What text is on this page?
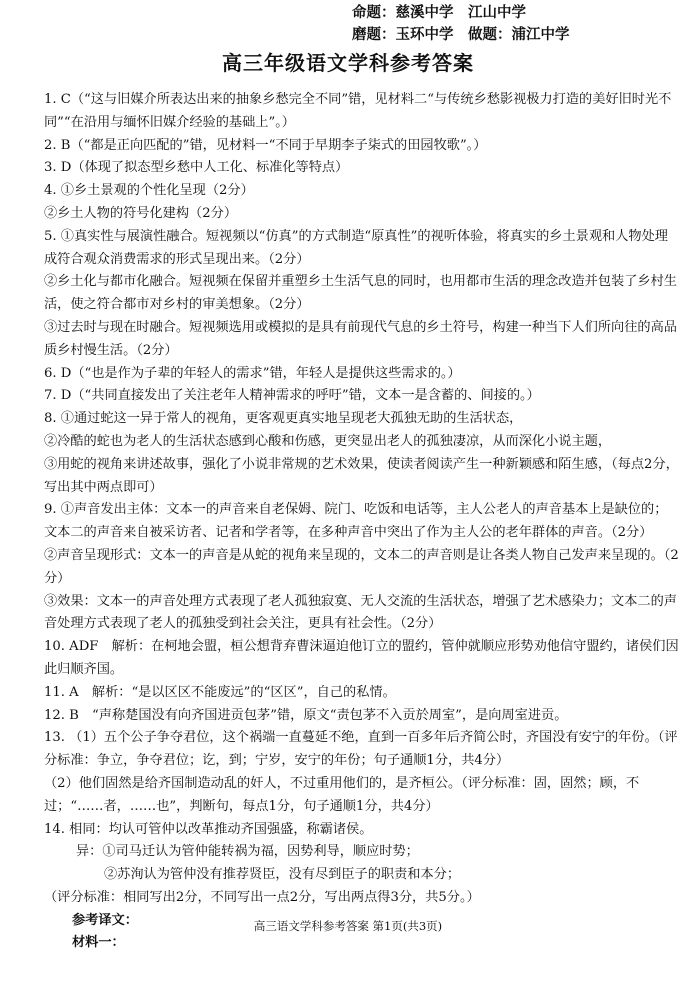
命题：慈溪中学　江山中学
磨题：玉环中学　做题：浦江中学
高三年级语文学科参考答案

1. C（“这与旧媒介所表达出来的抽象乡愁完全不同”错，见材料二“与传统乡愁影视极力打造的美好旧时光不同”“在沿用与缅怀旧媒介经验的基础上”。）

2. B（“都是正向匹配的”错，见材料一“不同于早期李子柒式的田园牧歌”。）

3. D（体现了拟态型乡愁中人工化、标准化等特点）

4. ①乡土景观的个性化呈现（2分）

②乡土人物的符号化建构（2分）

5. ①真实性与展演性融合。短视频以“仿真”的方式制造“原真性”的视听体验，将真实的乡土景观和人物处理成符合观众消费需求的形式呈现出来。（2分）

②乡土化与都市化融合。短视频在保留并重塑乡土生活气息的同时，也用都市生活的理念改造并包装了乡村生活，使之符合都市对乡村的审美想象。（2分）

③过去时与现在时融合。短视频选用或模拟的是具有前现代气息的乡土符号，构建一种当下人们所向往的高品质乡村慢生活。（2分）

6. D（“也是作为子辈的年轻人的需求”错，年轻人是提供这些需求的。）

7. D（“共同直接发出了关注老年人精神需求的呼吁”错，文本一是含蓄的、间接的。）

8. ①通过蛇这一异于常人的视角，更客观更真实地呈现老大孤独无助的生活状态，

②冷酷的蛇也为老人的生活状态感到心酸和伤感，更突显出老人的孤独凄凉，从而深化小说主题，

③用蛇的视角来讲述故事，强化了小说非常规的艺术效果，使读者阅读产生一种新颖感和陌生感，（每点2分，写出其中两点即可）

9. ①声音发出主体：文本一的声音来自老保姆、院门、吃饭和电话等，主人公老人的声音基本上是缺位的；文本二的声音来自被采访者、记者和学者等，在多种声音中突出了作为主人公的老年群体的声音。（2分）

②声音呈现形式：文本一的声音是从蛇的视角来呈现的，文本二的声音则是让各类人物自己发声来呈现的。（2分）

③效果：文本一的声音处理方式表现了老人孤独寂寞、无人交流的生活状态，增强了艺术感染力；文本二的声音处理方式表现了老人的孤独受到社会关注，更具有社会性。（2分）

10. ADF　解析：在柯地会盟，桓公想背弃曹沫逼迫他订立的盟约，管仲就顺应形势劝他信守盟约，诸侯们因此归顺齐国。

11. A　解析：“是以区区不能废远”的“区区”，自己的私情。

12. B　“声称楚国没有向齐国进贡包茅”错，原文“责包茅不入贡於周室”，是向周室进贡。

13. （1）五个公子争夺君位，这个祸端一直蔓延不绝，直到一百多年后齐简公时，齐国没有安宁的年份。（评分标准：争立，争夺君位；讫，到；宁岁，安宁的年份；句子通顺1分，共4分）

（2）他们固然是给齐国制造动乱的奸人，不过重用他们的，是齐桓公。（评分标准：固，固然；顾，不过；“……者，……也”，判断句，每点1分，句子通顺1分，共4分）

14. 相同：均认可管仲以改革推动齐国强盛，称霸诸侯。

异：①司马迁认为管仲能转祸为福，因势利导，顺应时势；

②苏洵认为管仲没有推荐贤臣，没有尽到臣子的职责和本分；

（评分标准：相同写出2分，不同写出一点2分，写出两点得3分，共5分。）

参考译文：

材料一：

高三语文学科参考答案 第1页(共3页)
